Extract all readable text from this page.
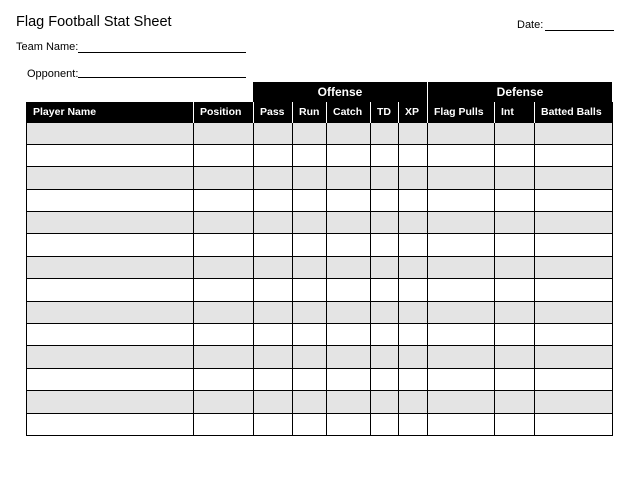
Flag Football Stat Sheet	Date:
Team Name:
Opponent:
Offense	Defense
Player Name	Position	Pass	Run	Catch	TD	XP	Flag Pulls	Int	Batted Balls
